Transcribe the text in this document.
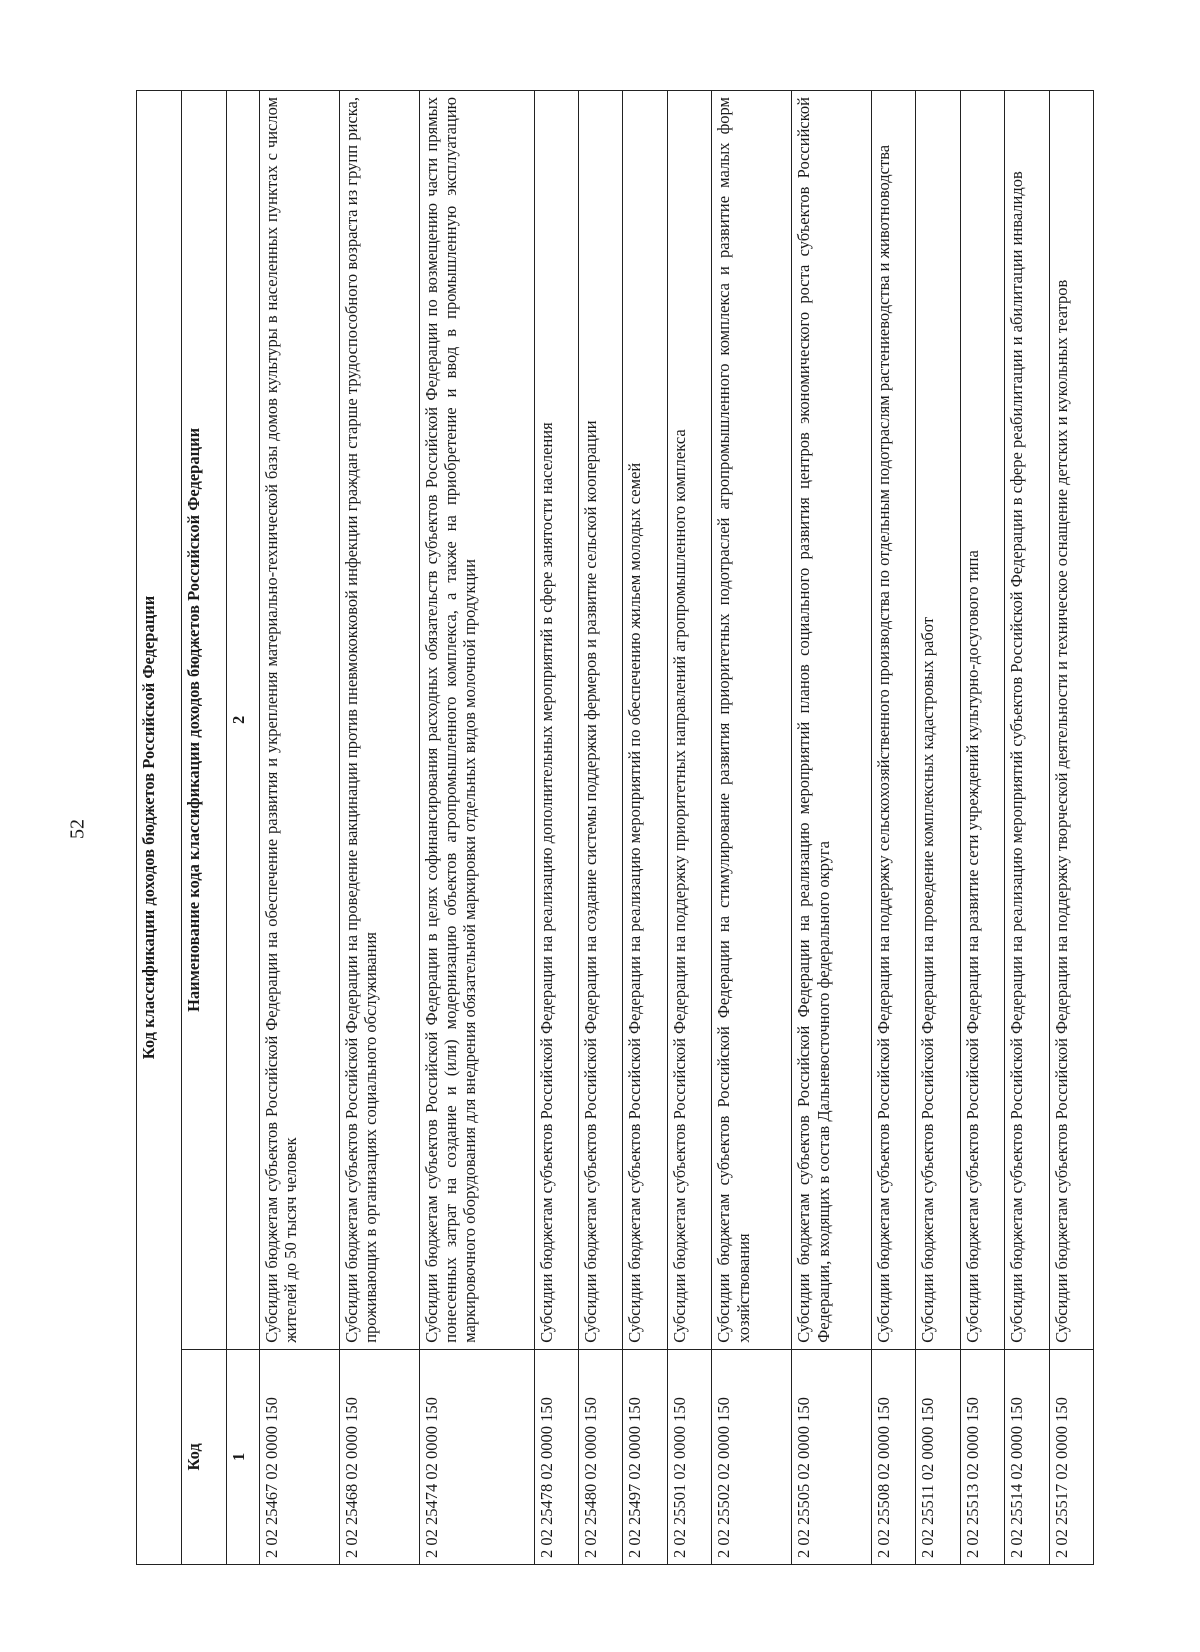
52	Код классификации доходов бюджетов Российской Федерации	
Код	Наименование кода классификации доходов бюджетов Российской Федерации
1	2
2 02 25467 02 0000 150	Субсидии бюджетам субъектов Российской Федерации на обеспечение развития и укрепления материально-технической базы домов культуры в населенных пунктах с числом жителей до 50 тысяч человек
2 02 25468 02 0000 150	Субсидии бюджетам субъектов Российской Федерации на проведение вакцинации против пневмококковой инфекции граждан старше трудоспособного возраста из групп риска, проживающих в организациях социального обслуживания
2 02 25474 02 0000 150	Субсидии бюджетам субъектов Российской Федерации в целях софинансирования расходных обязательств субъектов Российской Федерации по возмещению части прямых понесенных затрат на создание и (или) модернизацию объектов агропромышленного комплекса, а также на приобретение и ввод в промышленную эксплуатацию маркировочного оборудования для внедрения обязательной маркировки отдельных видов молочной продукции
2 02 25478 02 0000 150	Субсидии бюджетам субъектов Российской Федерации на реализацию дополнительных мероприятий в сфере занятости населения
2 02 25480 02 0000 150	Субсидии бюджетам субъектов Российской Федерации на создание системы поддержки фермеров и развитие сельской кооперации
2 02 25497 02 0000 150	Субсидии бюджетам субъектов Российской Федерации на реализацию мероприятий по обеспечению жильем молодых семей
2 02 25501 02 0000 150	Субсидии бюджетам субъектов Российской Федерации на поддержку приоритетных направлений агропромышленного комплекса
2 02 25502 02 0000 150	Субсидии бюджетам субъектов Российской Федерации на стимулирование развития приоритетных подотраслей агропромышленного комплекса и развитие малых форм хозяйствования
2 02 25505 02 0000 150	Субсидии бюджетам субъектов Российской Федерации на реализацию мероприятий планов социального развития центров экономического роста субъектов Российской Федерации, входящих в состав Дальневосточного федерального округа
2 02 25508 02 0000 150	Субсидии бюджетам субъектов Российской Федерации на поддержку сельскохозяйственного производства по отдельным подотраслям растениеводства и животноводства
2 02 25511 02 0000 150	Субсидии бюджетам субъектов Российской Федерации на проведение комплексных кадастровых работ
2 02 25513 02 0000 150	Субсидии бюджетам субъектов Российской Федерации на развитие сети учреждений культурно-досугового типа
2 02 25514 02 0000 150	Субсидии бюджетам субъектов Российской Федерации на реализацию мероприятий субъектов Российской Федерации в сфере реабилитации и абилитации инвалидов
2 02 25517 02 0000 150	Субсидии бюджетам субъектов Российской Федерации на поддержку творческой деятельности и техническое оснащение детских и кукольных театров
